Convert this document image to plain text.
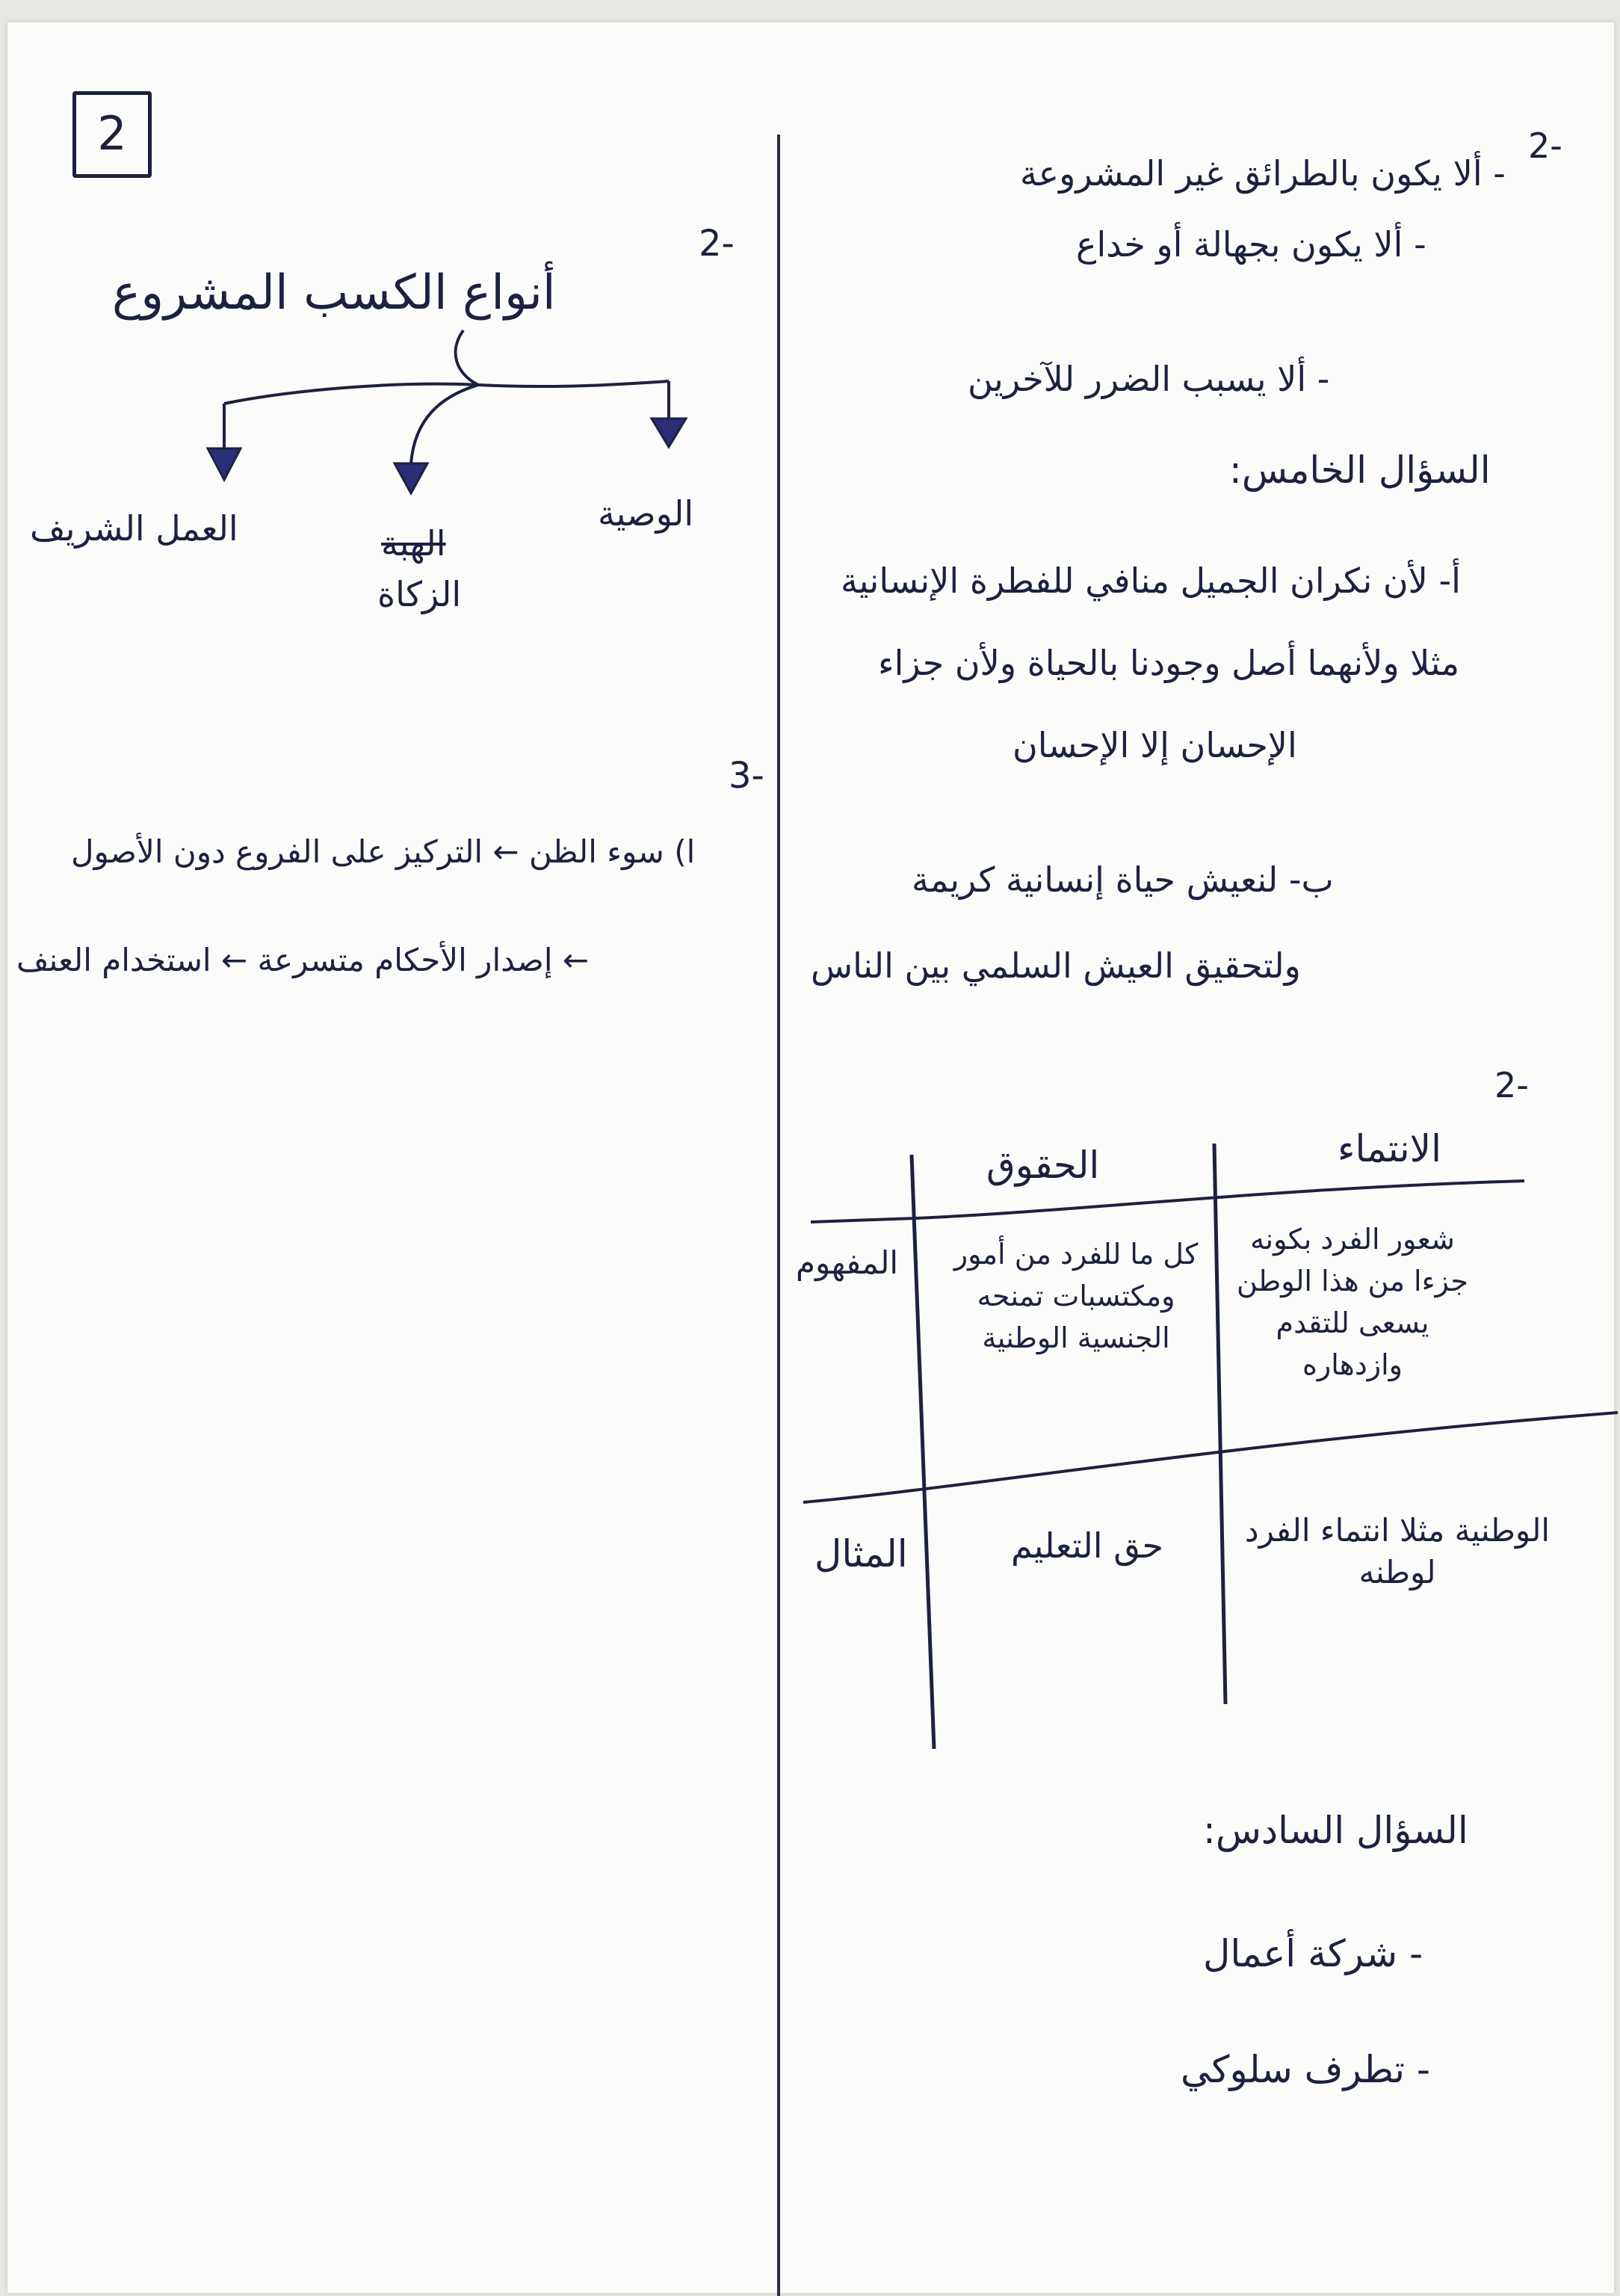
2
2-
أنواع الكسب المشروع
الوصية
الهبة
الزكاة
العمل الشريف
3-
ا) سوء الظن ← التركيز على الفروع دون الأصول
← إصدار الأحكام متسرعة ← استخدام العنف
2-
- ألا يكون بالطرائق غير المشروعة
- ألا يكون بجهالة أو خداع
- ألا يسبب الضرر للآخرين
السؤال الخامس:
أ- لأن نكران الجميل منافي للفطرة الإنسانية
مثلا ولأنهما أصل وجودنا بالحياة ولأن جزاء
الإحسان إلا الإحسان
ب- لنعيش حياة إنسانية كريمة
ولتحقيق العيش السلمي بين الناس
2-
الانتماء
الحقوق
المفهوم
المثال
شعور الفرد بكونه جزءا من هذا الوطن يسعى للتقدم وازدهاره
كل ما للفرد من أمور ومكتسبات تمنحه الجنسية الوطنية
الوطنية مثلا انتماء الفرد لوطنه
حق التعليم
السؤال السادس:
- شركة أعمال
- تطرف سلوكي
